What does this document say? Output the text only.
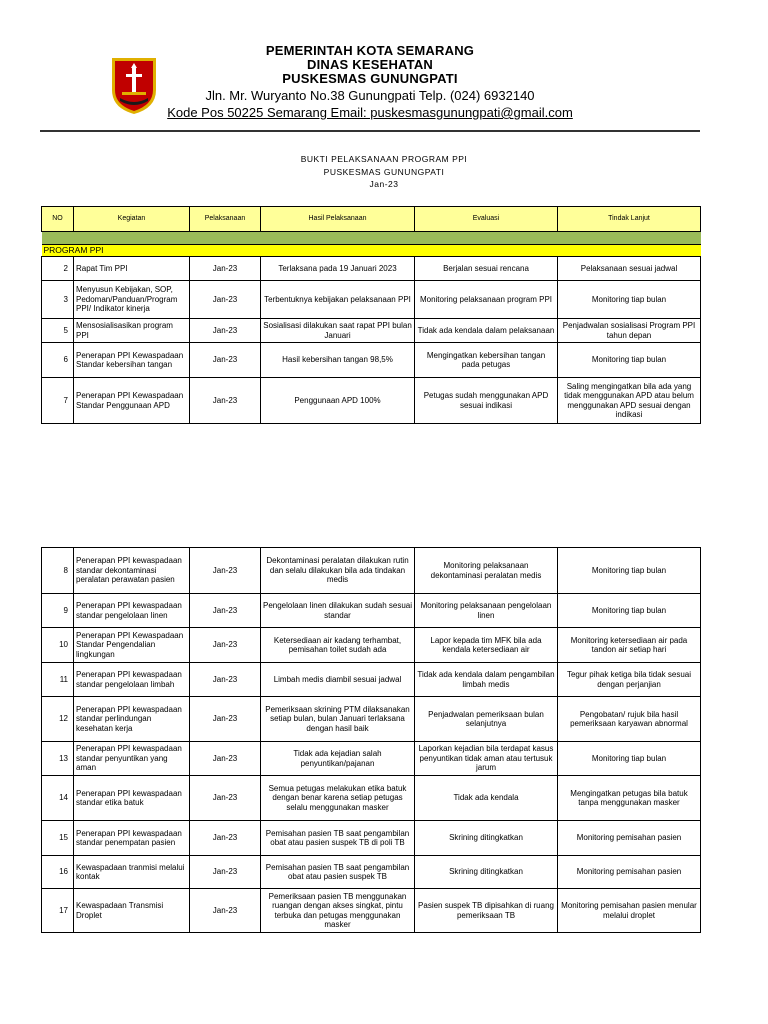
PEMERINTAH KOTA SEMARANG
DINAS KESEHATAN
PUSKESMAS GUNUNGPATI
Jln. Mr. Wuryanto No.38 Gunungpati Telp. (024) 6932140
Kode Pos 50225 Semarang Email: puskesmasgunungpati@gmail.com
BUKTI PELAKSANAAN PROGRAM PPI
PUSKESMAS GUNUNGPATI
Jan-23
NO	Kegiatan	Pelaksanaan	Hasil Pelaksanaan	Evaluasi	Tindak Lanjut

PROGRAM PPI					
2	Rapat Tim PPI	Jan-23	Terlaksana pada 19 Januari 2023	Berjalan sesuai rencana	Pelaksanaan sesuai jadwal
3	Menyusun Kebijakan, SOP, Pedoman/Panduan/Program PPI/ Indikator kinerja	Jan-23	Terbentuknya kebijakan pelaksanaan PPI	Monitoring pelaksanaan program PPI	Monitoring tiap bulan
5	Mensosialisasikan program PPI	Jan-23	Sosialisasi dilakukan saat rapat PPI bulan Januari	Tidak ada kendala dalam pelaksanaan	Penjadwalan sosialisasi Program PPI tahun depan
6	Penerapan PPI Kewaspadaan Standar kebersihan tangan	Jan-23	Hasil kebersihan tangan 98,5%	Mengingatkan kebersihan tangan pada petugas	Monitoring tiap bulan
7	Penerapan PPI Kewaspadaan Standar Penggunaan APD	Jan-23	Penggunaan APD 100%	Petugas sudah menggunakan APD sesuai indikasi	Saling mengingatkan bila ada yang tidak menggunakan APD atau belum menggunakan APD sesuai dengan indikasi
8	Penerapan PPI kewaspadaan standar dekontaminasi peralatan perawatan pasien	Jan-23	Dekontaminasi peralatan dilakukan rutin dan selalu dilakukan bila ada tindakan medis	Monitoring pelaksanaan dekontaminasi peralatan medis	Monitoring tiap bulan
9	Penerapan PPI kewaspadaan standar pengelolaan linen	Jan-23	Pengelolaan linen dilakukan sudah sesuai standar	Monitoring pelaksanaan pengelolaan linen	Monitoring tiap bulan
10	Penerapan PPI Kewaspadaan Standar Pengendalian lingkungan	Jan-23	Ketersediaan air kadang terhambat, pemisahan toilet sudah ada	Lapor kepada tim MFK bila ada kendala ketersediaan air	Monitoring ketersediaan air pada tandon air setiap hari
11	Penerapan PPI kewaspadaan standar pengelolaan limbah	Jan-23	Limbah medis diambil sesuai jadwal	Tidak ada kendala dalam pengambilan limbah medis	Tegur pihak ketiga bila tidak sesuai dengan perjanjian
12	Penerapan PPI kewaspadaan standar perlindungan kesehatan kerja	Jan-23	Pemeriksaan skrining PTM dilaksanakan setiap bulan, bulan Januari terlaksana dengan hasil baik	Penjadwalan pemeriksaan bulan selanjutnya	Pengobatan/ rujuk bila hasil pemeriksaan karyawan abnormal
13	Penerapan PPI kewaspadaan standar penyuntikan yang aman	Jan-23	Tidak ada kejadian salah penyuntikan/pajanan	Laporkan kejadian bila terdapat kasus penyuntikan tidak aman atau tertusuk jarum	Monitoring tiap bulan
14	Penerapan PPI kewaspadaan standar etika batuk	Jan-23	Semua petugas melakukan etika batuk dengan benar karena setiap petugas selalu menggunakan masker	Tidak ada kendala	Mengingatkan petugas bila batuk tanpa menggunakan masker
15	Penerapan PPI kewaspadaan standar penempatan pasien	Jan-23	Pemisahan pasien TB saat pengambilan obat atau pasien suspek TB di poli TB	Skrining ditingkatkan	Monitoring pemisahan pasien
16	Kewaspadaan tranmisi melalui kontak	Jan-23	Pemisahan pasien TB saat pengambilan obat atau pasien suspek TB	Skrining ditingkatkan	Monitoring pemisahan pasien
17	Kewaspadaan Transmisi Droplet	Jan-23	Pemeriksaan pasien TB menggunakan ruangan dengan akses singkat, pintu terbuka dan petugas menggunakan masker	Pasien suspek TB dipisahkan di ruang pemeriksaan TB	Monitoring pemisahan pasien menular melalui droplet
